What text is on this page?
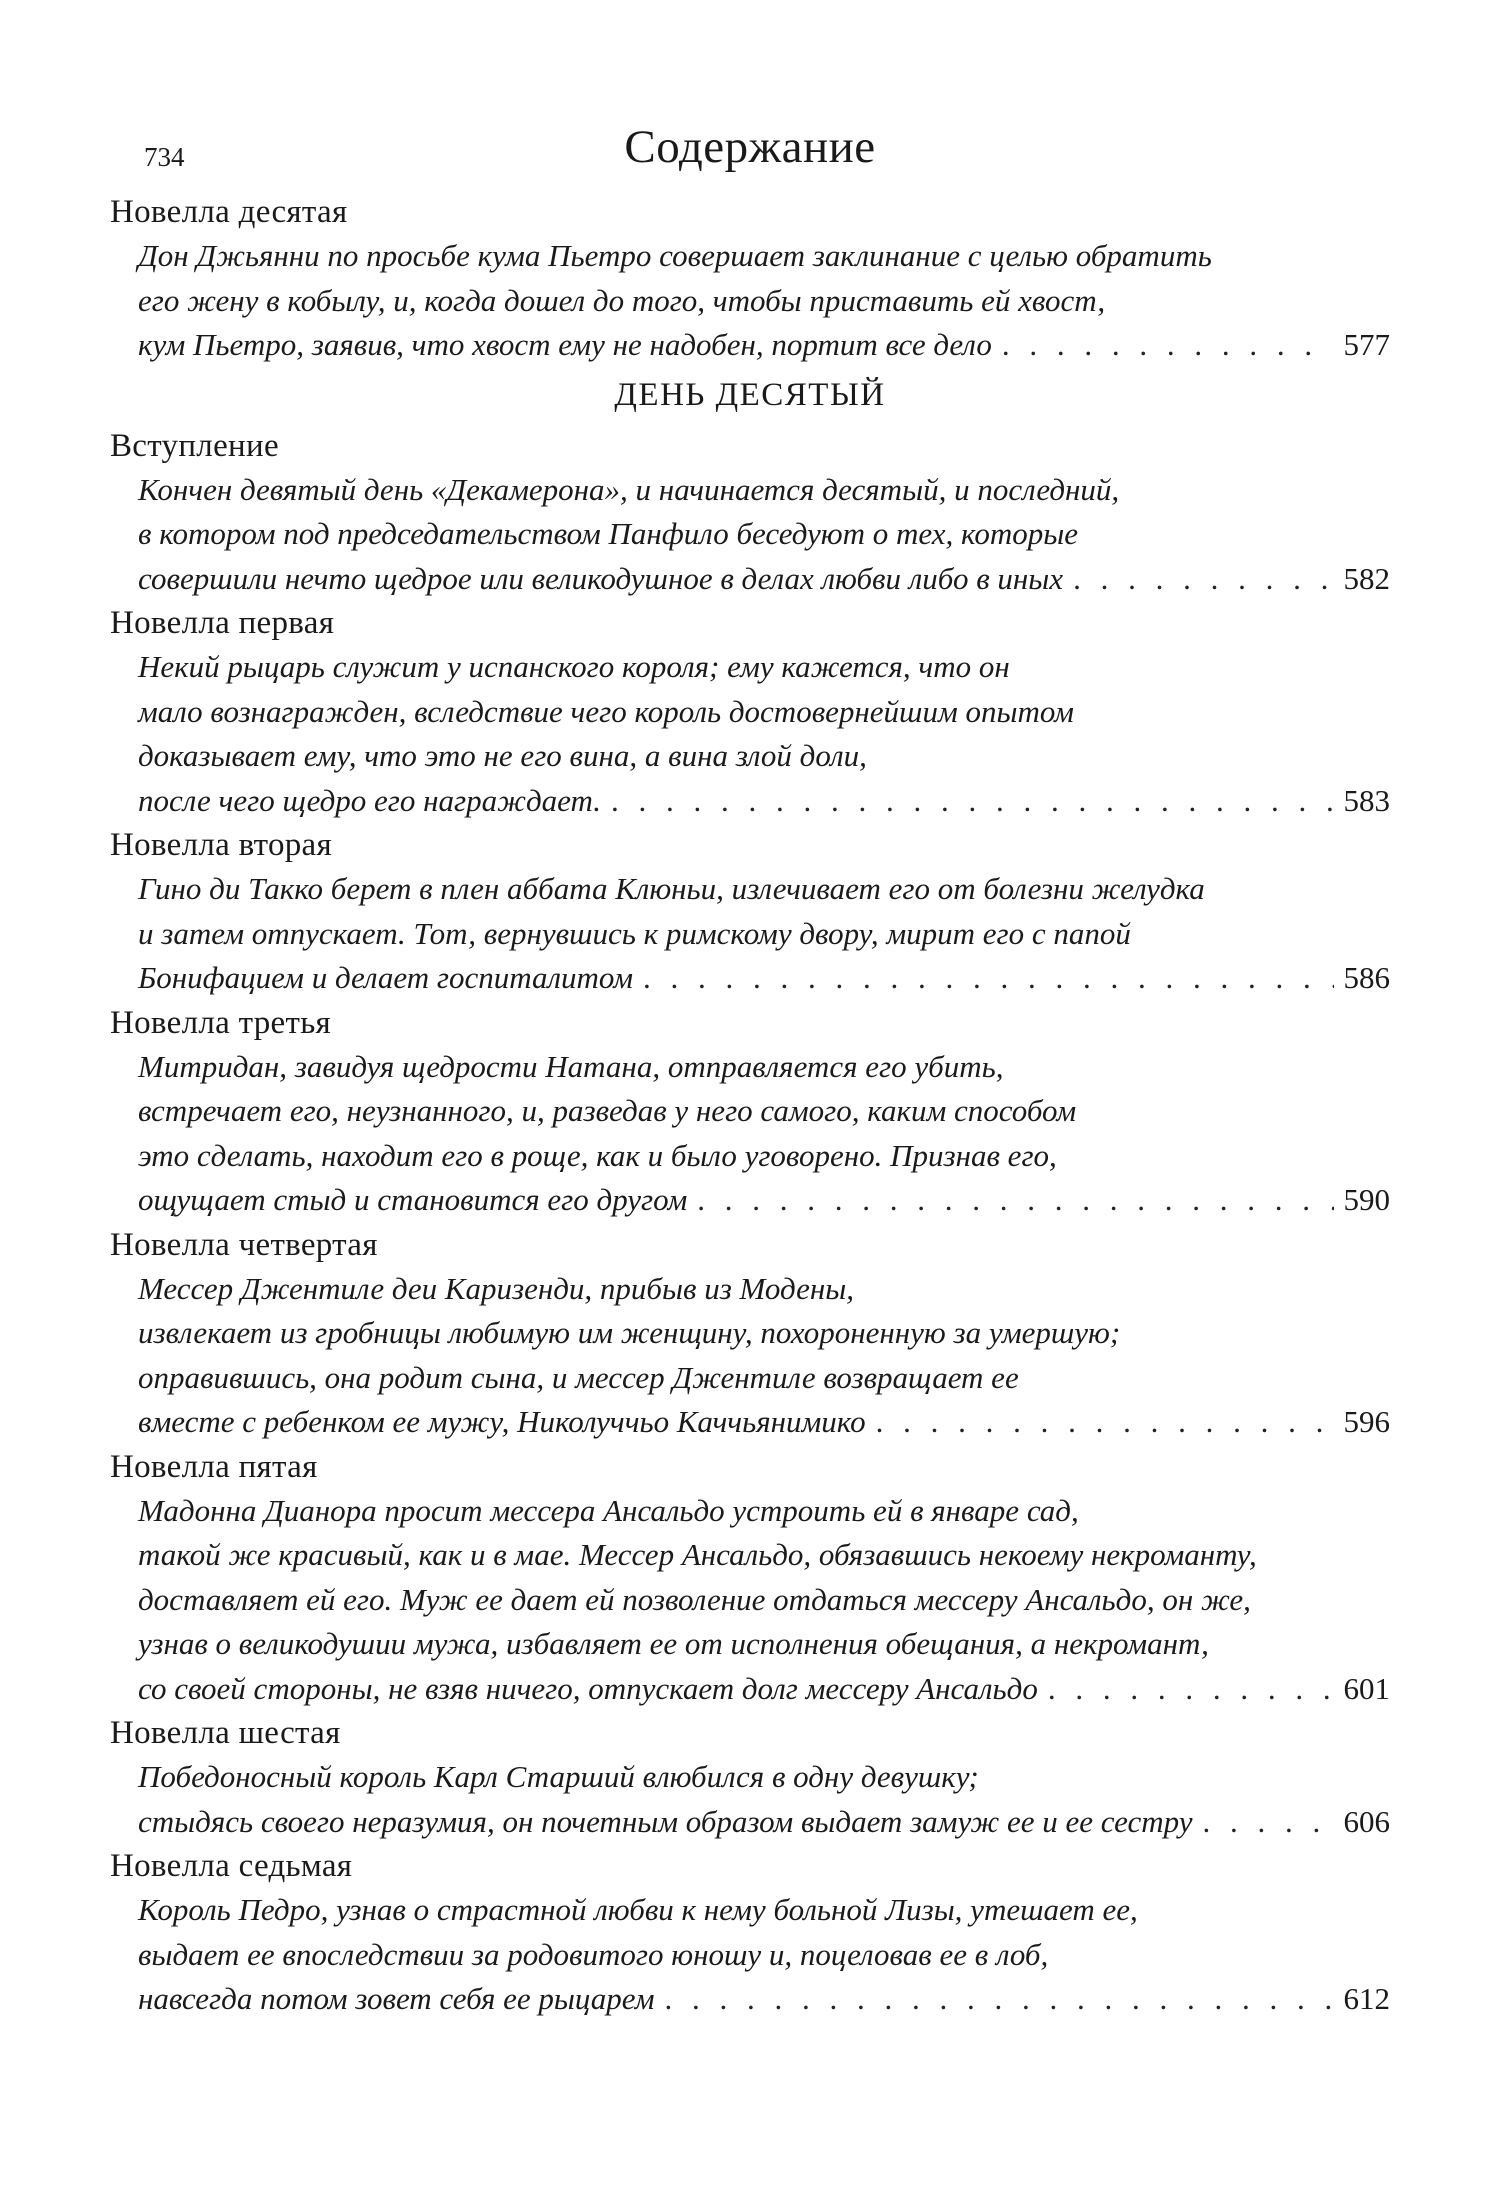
734	Содержание
Новелла десятая
Дон Джьянни по просьбе кума Пьетро совершает заклинание с целью обратить
его жену в кобылу, и, когда дошел до того, чтобы приставить ей хвост,
кум Пьетро, заявив, что хвост ему не надобен, портит все дело . . .	577
ДЕНЬ ДЕСЯТЫЙ
Вступление
Кончен девятый день «Декамерона», и начинается десятый, и последний,
в котором под председательством Панфило беседуют о тех, которые
совершили нечто щедрое или великодушное в делах любви либо в иных . . .	582
Новелла первая
Некий рыцарь служит у испанского короля; ему кажется, что он
мало вознагражден, вследствие чего король достовернейшим опытом
доказывает ему, что это не его вина, а вина злой доли,
после чего щедро его награждает. . . .	583
Новелла вторая
Гино ди Такко берет в плен аббата Клюньи, излечивает его от болезни желудка
и затем отпускает. Тот, вернувшись к римскому двору, мирит его с папой
Бонифацием и делает госпиталитом . . .	586
Новелла третья
Митридан, завидуя щедрости Натана, отправляется его убить,
встречает его, неузнанного, и, разведав у него самого, каким способом
это сделать, находит его в роще, как и было уговорено. Признав его,
ощущает стыд и становится его другом . . .	590
Новелла четвертая
Мессер Джентиле деи Каризенди, прибыв из Модены,
извлекает из гробницы любимую им женщину, похороненную за умершую;
оправившись, она родит сына, и мессер Джентиле возвращает ее
вместе с ребенком ее мужу, Николуччьо Каччьянимико . . .	596
Новелла пятая
Мадонна Дианора просит мессера Ансальдо устроить ей в январе сад,
такой же красивый, как и в мае. Мессер Ансальдо, обязавшись некоему некроманту,
доставляет ей его. Муж ее дает ей позволение отдаться мессеру Ансальдо, он же,
узнав о великодушии мужа, избавляет ее от исполнения обещания, а некромант,
со своей стороны, не взяв ничего, отпускает долг мессеру Ансальдо . . .	601
Новелла шестая
Победоносный король Карл Старший влюбился в одну девушку;
стыдясь своего неразумия, он почетным образом выдает замуж ее и ее сестру . . .	606
Новелла седьмая
Король Педро, узнав о страстной любви к нему больной Лизы, утешает ее,
выдает ее впоследствии за родовитого юношу и, поцеловав ее в лоб,
навсегда потом зовет себя ее рыцарем . . .	612
